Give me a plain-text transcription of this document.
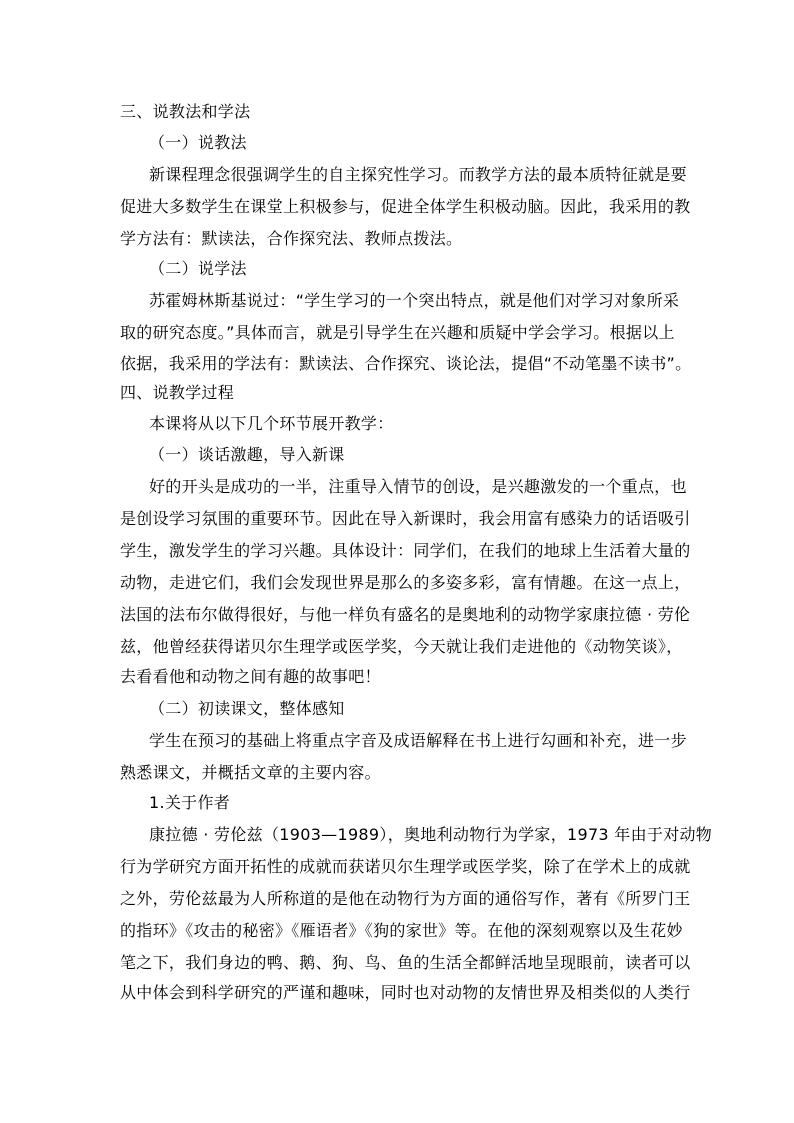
三、说教法和学法
（一）说教法
新课程理念很强调学生的自主探究性学习。而教学方法的最本质特征就是要
促进大多数学生在课堂上积极参与，促进全体学生积极动脑。因此，我采用的教
学方法有：默读法，合作探究法、教师点拨法。
（二）说学法
苏霍姆林斯基说过：“学生学习的一个突出特点，就是他们对学习对象所采
取的研究态度。”具体而言，就是引导学生在兴趣和质疑中学会学习。根据以上
依据，我采用的学法有：默读法、合作探究、谈论法，提倡“不动笔墨不读书”。
四、说教学过程
本课将从以下几个环节展开教学：
（一）谈话激趣，导入新课
好的开头是成功的一半，注重导入情节的创设，是兴趣激发的一个重点，也
是创设学习氛围的重要环节。因此在导入新课时，我会用富有感染力的话语吸引
学生，激发学生的学习兴趣。具体设计：同学们，在我们的地球上生活着大量的
动物，走进它们，我们会发现世界是那么的多姿多彩，富有情趣。在这一点上，
法国的法布尔做得很好，与他一样负有盛名的是奥地利的动物学家康拉德 · 劳伦
兹，他曾经获得诺贝尔生理学或医学奖，今天就让我们走进他的《动物笑谈》，
去看看他和动物之间有趣的故事吧！
（二）初读课文，整体感知
学生在预习的基础上将重点字音及成语解释在书上进行勾画和补充，进一步
熟悉课文，并概括文章的主要内容。
1.关于作者
康拉德 · 劳伦兹（1903—1989），奥地利动物行为学家，1973 年由于对动物
行为学研究方面开拓性的成就而获诺贝尔生理学或医学奖，除了在学术上的成就
之外，劳伦兹最为人所称道的是他在动物行为方面的通俗写作，著有《所罗门王
的指环》《攻击的秘密》《雁语者》《狗的家世》等。在他的深刻观察以及生花妙
笔之下，我们身边的鸭、鹅、狗、鸟、鱼的生活全都鲜活地呈现眼前，读者可以
从中体会到科学研究的严谨和趣味，同时也对动物的友情世界及相类似的人类行
